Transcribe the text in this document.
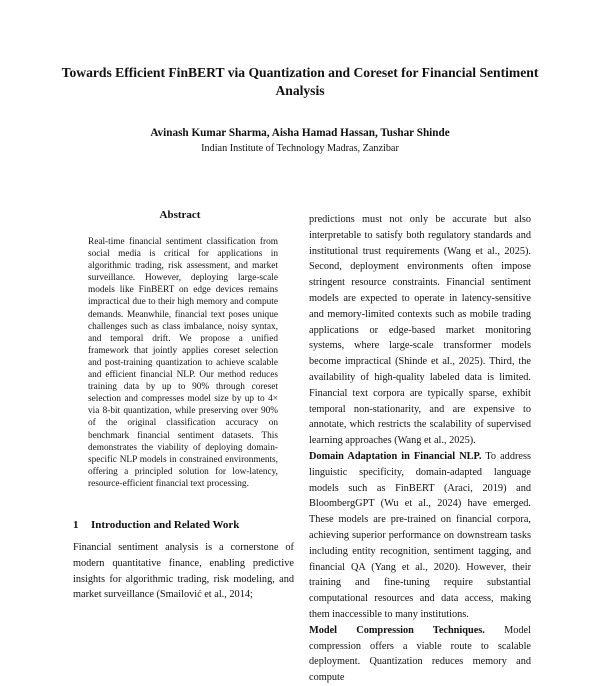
Towards Efficient FinBERT via Quantization and Coreset for Financial Sentiment Analysis
Avinash Kumar Sharma, Aisha Hamad Hassan, Tushar Shinde
Indian Institute of Technology Madras, Zanzibar
Abstract

Real-time financial sentiment classification from social media is critical for applications in algorithmic trading, risk assessment, and market surveillance. However, deploying large-scale models like FinBERT on edge devices remains impractical due to their high memory and compute demands. Meanwhile, financial text poses unique challenges such as class imbalance, noisy syntax, and temporal drift. We propose a unified framework that jointly applies coreset selection and post-training quantization to achieve scalable and efficient financial NLP. Our method reduces training data by up to 90% through coreset selection and compresses model size by up to 4× via 8-bit quantization, while preserving over 90% of the original classification accuracy on benchmark financial sentiment datasets. This demonstrates the viability of deploying domain-specific NLP models in constrained environments, offering a principled solution for low-latency, resource-efficient financial text processing.

1 Introduction and Related Work

Financial sentiment analysis is a cornerstone of modern quantitative finance, enabling predictive insights for algorithmic trading, risk modeling, and market surveillance (Smailović et al., 2014;

predictions must not only be accurate but also interpretable to satisfy both regulatory standards and institutional trust requirements (Wang et al., 2025). Second, deployment environments often impose stringent resource constraints. Financial sentiment models are expected to operate in latency-sensitive and memory-limited contexts such as mobile trading applications or edge-based market monitoring systems, where large-scale transformer models become impractical (Shinde et al., 2025). Third, the availability of high-quality labeled data is limited. Financial text corpora are typically sparse, exhibit temporal non-stationarity, and are expensive to annotate, which restricts the scalability of supervised learning approaches (Wang et al., 2025).

Domain Adaptation in Financial NLP. To address linguistic specificity, domain-adapted language models such as FinBERT (Araci, 2019) and BloombergGPT (Wu et al., 2024) have emerged. These models are pre-trained on financial corpora, achieving superior performance on downstream tasks including entity recognition, sentiment tagging, and financial QA (Yang et al., 2020). However, their training and fine-tuning require substantial computational resources and data access, making them inaccessible to many institutions.

Model Compression Techniques. Model compression offers a viable route to scalable deployment. Quantization reduces memory and compute
